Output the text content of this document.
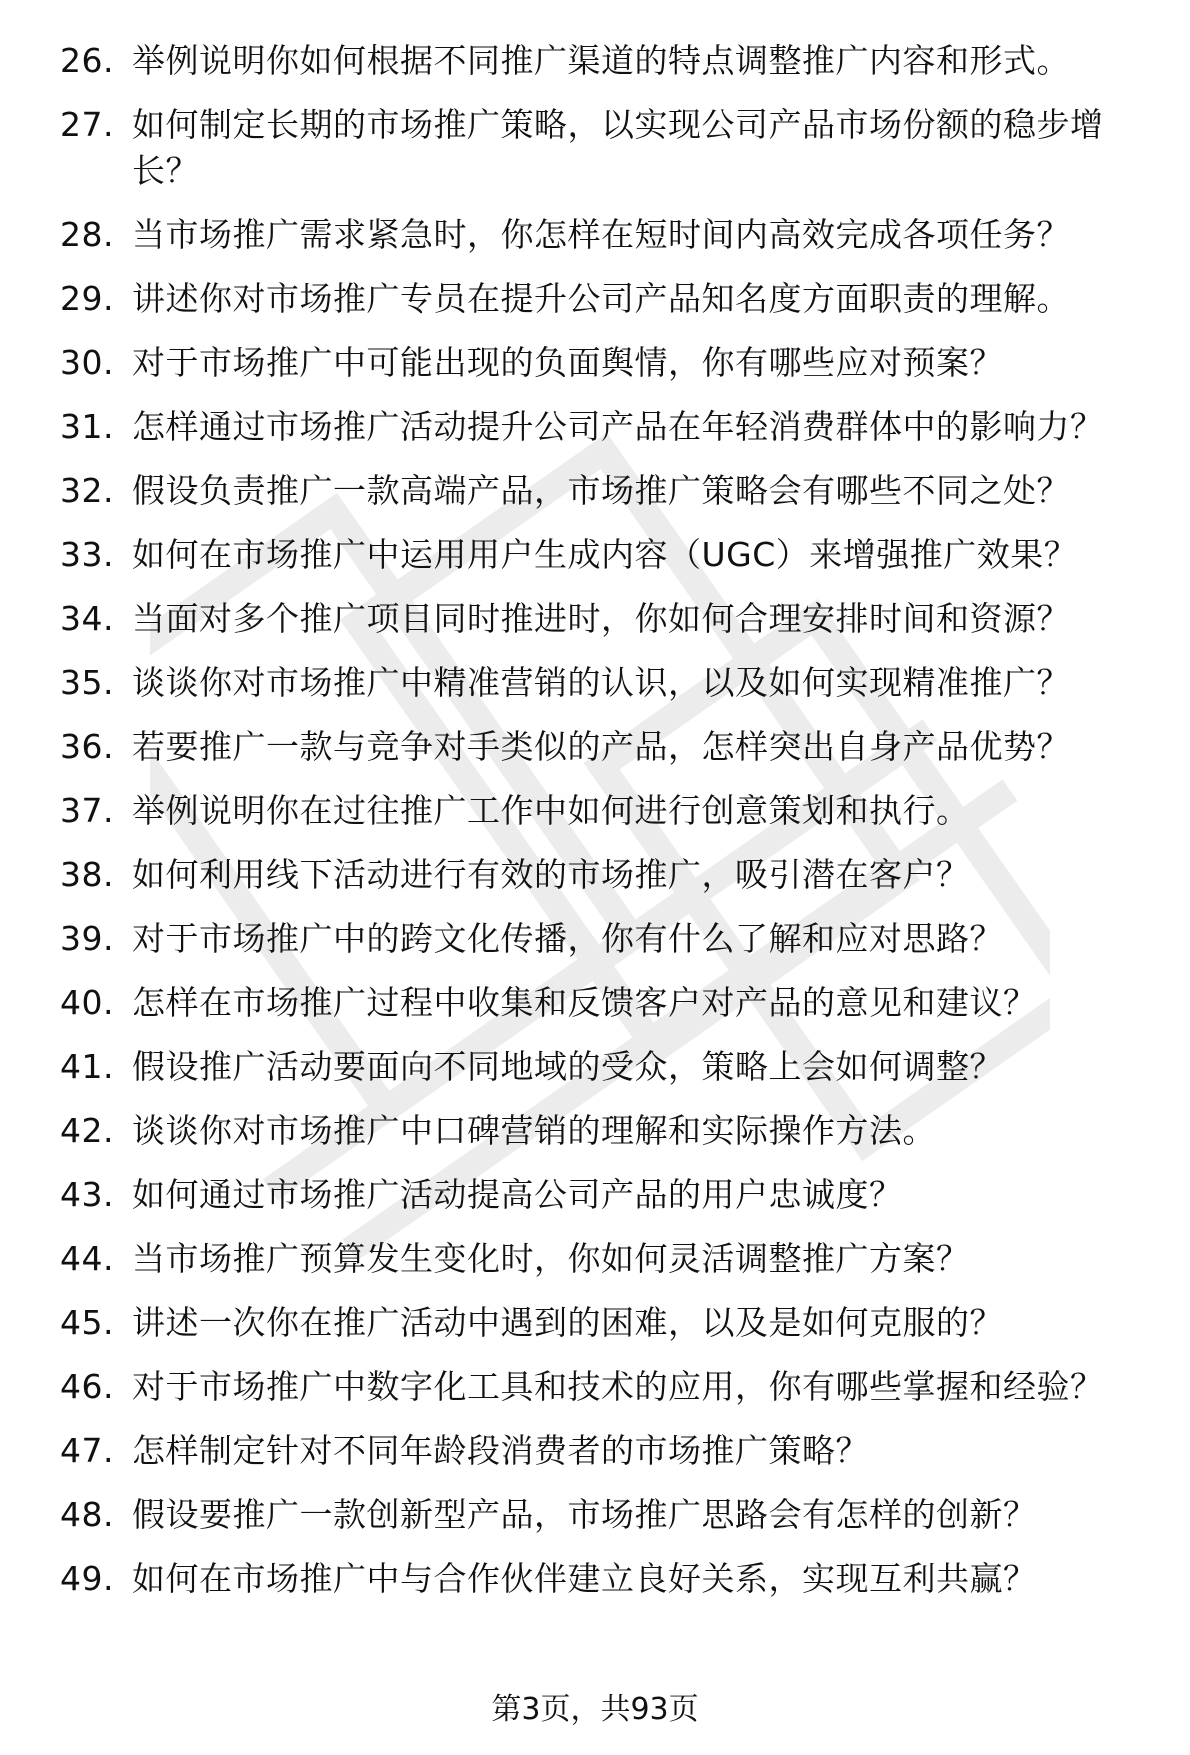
26. 举例说明你如何根据不同推广渠道的特点调整推广内容和形式。
27. 如何制定长期的市场推广策略，以实现公司产品市场份额的稳步增长？
28. 当市场推广需求紧急时，你怎样在短时间内高效完成各项任务？
29. 讲述你对市场推广专员在提升公司产品知名度方面职责的理解。
30. 对于市场推广中可能出现的负面舆情，你有哪些应对预案？
31. 怎样通过市场推广活动提升公司产品在年轻消费群体中的影响力？
32. 假设负责推广一款高端产品，市场推广策略会有哪些不同之处？
33. 如何在市场推广中运用用户生成内容（UGC）来增强推广效果？
34. 当面对多个推广项目同时推进时，你如何合理安排时间和资源？
35. 谈谈你对市场推广中精准营销的认识，以及如何实现精准推广？
36. 若要推广一款与竞争对手类似的产品，怎样突出自身产品优势？
37. 举例说明你在过往推广工作中如何进行创意策划和执行。
38. 如何利用线下活动进行有效的市场推广，吸引潜在客户？
39. 对于市场推广中的跨文化传播，你有什么了解和应对思路？
40. 怎样在市场推广过程中收集和反馈客户对产品的意见和建议？
41. 假设推广活动要面向不同地域的受众，策略上会如何调整？
42. 谈谈你对市场推广中口碑营销的理解和实际操作方法。
43. 如何通过市场推广活动提高公司产品的用户忠诚度？
44. 当市场推广预算发生变化时，你如何灵活调整推广方案？
45. 讲述一次你在推广活动中遇到的困难，以及是如何克服的？
46. 对于市场推广中数字化工具和技术的应用，你有哪些掌握和经验？
47. 怎样制定针对不同年龄段消费者的市场推广策略？
48. 假设要推广一款创新型产品，市场推广思路会有怎样的创新？
49. 如何在市场推广中与合作伙伴建立良好关系，实现互利共赢？
第3页，共93页
